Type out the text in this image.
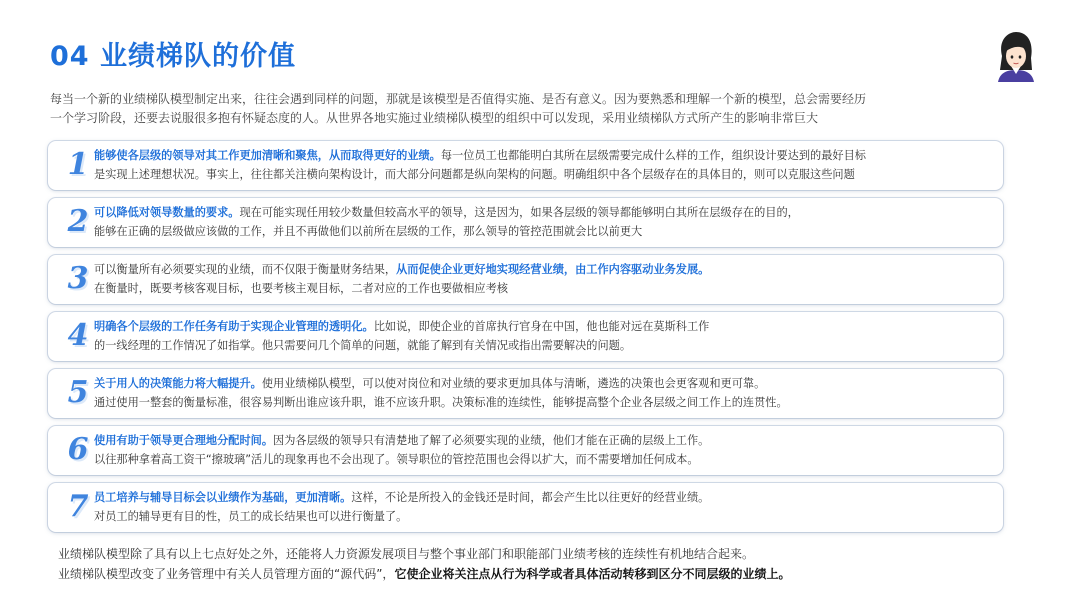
04 业绩梯队的价值
每当一个新的业绩梯队模型制定出来，往往会遇到同样的问题，那就是该模型是否值得实施、是否有意义。因为要熟悉和理解一个新的模型，总会需要经历
一个学习阶段，还要去说服很多抱有怀疑态度的人。从世界各地实施过业绩梯队模型的组织中可以发现，采用业绩梯队方式所产生的影响非常巨大
1 能够使各层级的领导对其工作更加清晰和聚焦，从而取得更好的业绩。每一位员工也都能明白其所在层级需要完成什么样的工作，组织设计要达到的最好目标
是实现上述理想状况。事实上，往往都关注横向架构设计，而大部分问题都是纵向架构的问题。明确组织中各个层级存在的具体目的，则可以克服这些问题
2 可以降低对领导数量的要求。现在可能实现任用较少数量但较高水平的领导，这是因为，如果各层级的领导都能够明白其所在层级存在的目的，
能够在正确的层级做应该做的工作，并且不再做他们以前所在层级的工作，那么领导的管控范围就会比以前更大
3 可以衡量所有必须要实现的业绩，而不仅限于衡量财务结果，从而促使企业更好地实现经营业绩，由工作内容驱动业务发展。
在衡量时，既要考核客观目标，也要考核主观目标，二者对应的工作也要做相应考核
4 明确各个层级的工作任务有助于实现企业管理的透明化。比如说，即使企业的首席执行官身在中国，他也能对远在莫斯科工作
的一线经理的工作情况了如指掌。他只需要问几个简单的问题，就能了解到有关情况或指出需要解决的问题。
5 关于用人的决策能力将大幅提升。使用业绩梯队模型，可以使对岗位和对业绩的要求更加具体与清晰，遴选的决策也会更客观和更可靠。
通过使用一整套的衡量标准，很容易判断出谁应该升职，谁不应该升职。决策标准的连续性，能够提高整个企业各层级之间工作上的连贯性。
6 使用有助于领导更合理地分配时间。因为各层级的领导只有清楚地了解了必须要实现的业绩，他们才能在正确的层级上工作。
以往那种拿着高工资干“擦玻璃”活儿的现象再也不会出现了。领导职位的管控范围也会得以扩大，而不需要增加任何成本。
7 员工培养与辅导目标会以业绩作为基础，更加清晰。这样，不论是所投入的金钱还是时间，都会产生比以往更好的经营业绩。
对员工的辅导更有目的性，员工的成长结果也可以进行衡量了。
业绩梯队模型除了具有以上七点好处之外，还能将人力资源发展项目与整个事业部门和职能部门业绩考核的连续性有机地结合起来。
业绩梯队模型改变了业务管理中有关人员管理方面的“源代码”，它使企业将关注点从行为科学或者具体活动转移到区分不同层级的业绩上。
